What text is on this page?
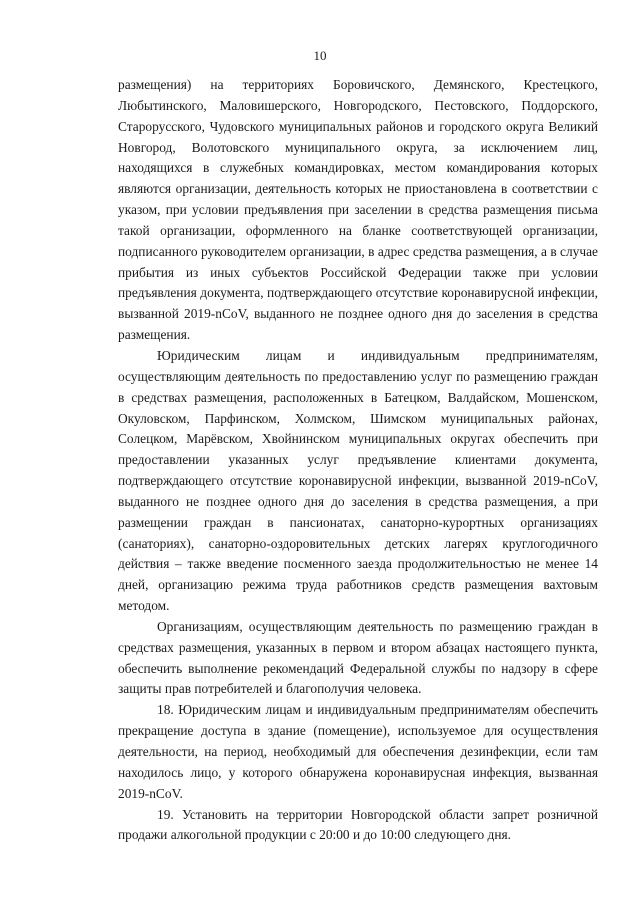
10

размещения) на территориях Боровичского, Демянского, Крестецкого, Любытинского, Маловишерского, Новгородского, Пестовского, Поддорского, Старорусского, Чудовского муниципальных районов и городского округа Великий Новгород, Волотовского муниципального округа, за исключением лиц, находящихся в служебных командировках, местом командирования которых являются организации, деятельность которых не приостановлена в соответствии с указом, при условии предъявления при заселении в средства размещения письма такой организации, оформленного на бланке соответствующей организации, подписанного руководителем организации, в адрес средства размещения, а в случае прибытия из иных субъектов Российской Федерации также при условии предъявления документа, подтверждающего отсутствие коронавирусной инфекции, вызванной 2019-nCoV, выданного не позднее одного дня до заселения в средства размещения.

Юридическим лицам и индивидуальным предпринимателям, осуществляющим деятельность по предоставлению услуг по размещению граждан в средствах размещения, расположенных в Батецком, Валдайском, Мошенском, Окуловском, Парфинском, Холмском, Шимском муниципальных районах, Солецком, Марёвском, Хвойнинском муниципальных округах обеспечить при предоставлении указанных услуг предъявление клиентами документа, подтверждающего отсутствие коронавирусной инфекции, вызванной 2019-nCoV, выданного не позднее одного дня до заселения в средства размещения, а при размещении граждан в пансионатах, санаторно-курортных организациях (санаториях), санаторно-оздоровительных детских лагерях круглогодичного действия – также введение посменного заезда продолжительностью не менее 14 дней, организацию режима труда работников средств размещения вахтовым методом.

Организациям, осуществляющим деятельность по размещению граждан в средствах размещения, указанных в первом и втором абзацах настоящего пункта, обеспечить выполнение рекомендаций Федеральной службы по надзору в сфере защиты прав потребителей и благополучия человека.

18. Юридическим лицам и индивидуальным предпринимателям обеспечить прекращение доступа в здание (помещение), используемое для осуществления деятельности, на период, необходимый для обеспечения дезинфекции, если там находилось лицо, у которого обнаружена коронавирусная инфекция, вызванная 2019-nCoV.

19. Установить на территории Новгородской области запрет розничной продажи алкогольной продукции с 20:00 и до 10:00 следующего дня.
